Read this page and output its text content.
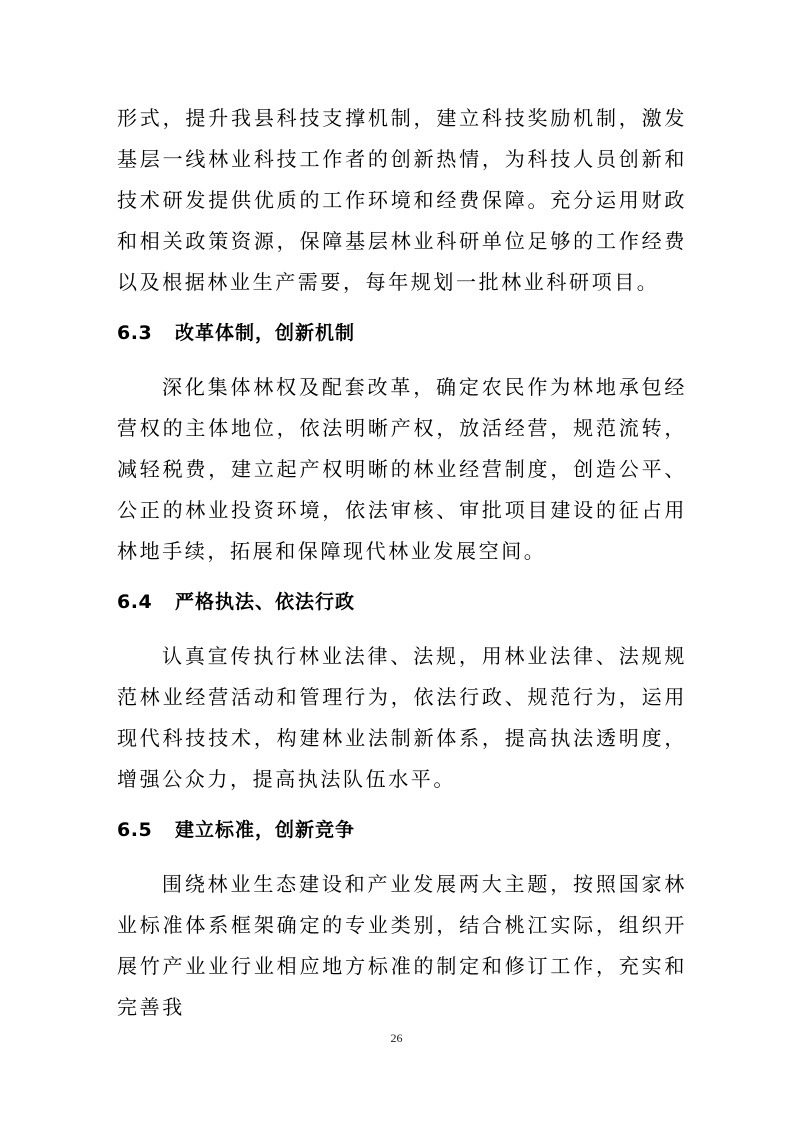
形式，提升我县科技支撑机制，建立科技奖励机制，激发基层一线林业科技工作者的创新热情，为科技人员创新和技术研发提供优质的工作环境和经费保障。充分运用财政和相关政策资源，保障基层林业科研单位足够的工作经费以及根据林业生产需要，每年规划一批林业科研项目。

6.3	改革体制，创新机制

深化集体林权及配套改革，确定农民作为林地承包经营权的主体地位，依法明晰产权，放活经营，规范流转，减轻税费，建立起产权明晰的林业经营制度，创造公平、公正的林业投资环境，依法审核、审批项目建设的征占用林地手续，拓展和保障现代林业发展空间。

6.4	严格执法、依法行政

认真宣传执行林业法律、法规，用林业法律、法规规范林业经营活动和管理行为，依法行政、规范行为，运用现代科技技术，构建林业法制新体系，提高执法透明度，增强公众力，提高执法队伍水平。

6.5	建立标准，创新竞争

围绕林业生态建设和产业发展两大主题，按照国家林业标准体系框架确定的专业类别，结合桃江实际，组织开展竹产业业行业相应地方标准的制定和修订工作，充实和完善我

26
